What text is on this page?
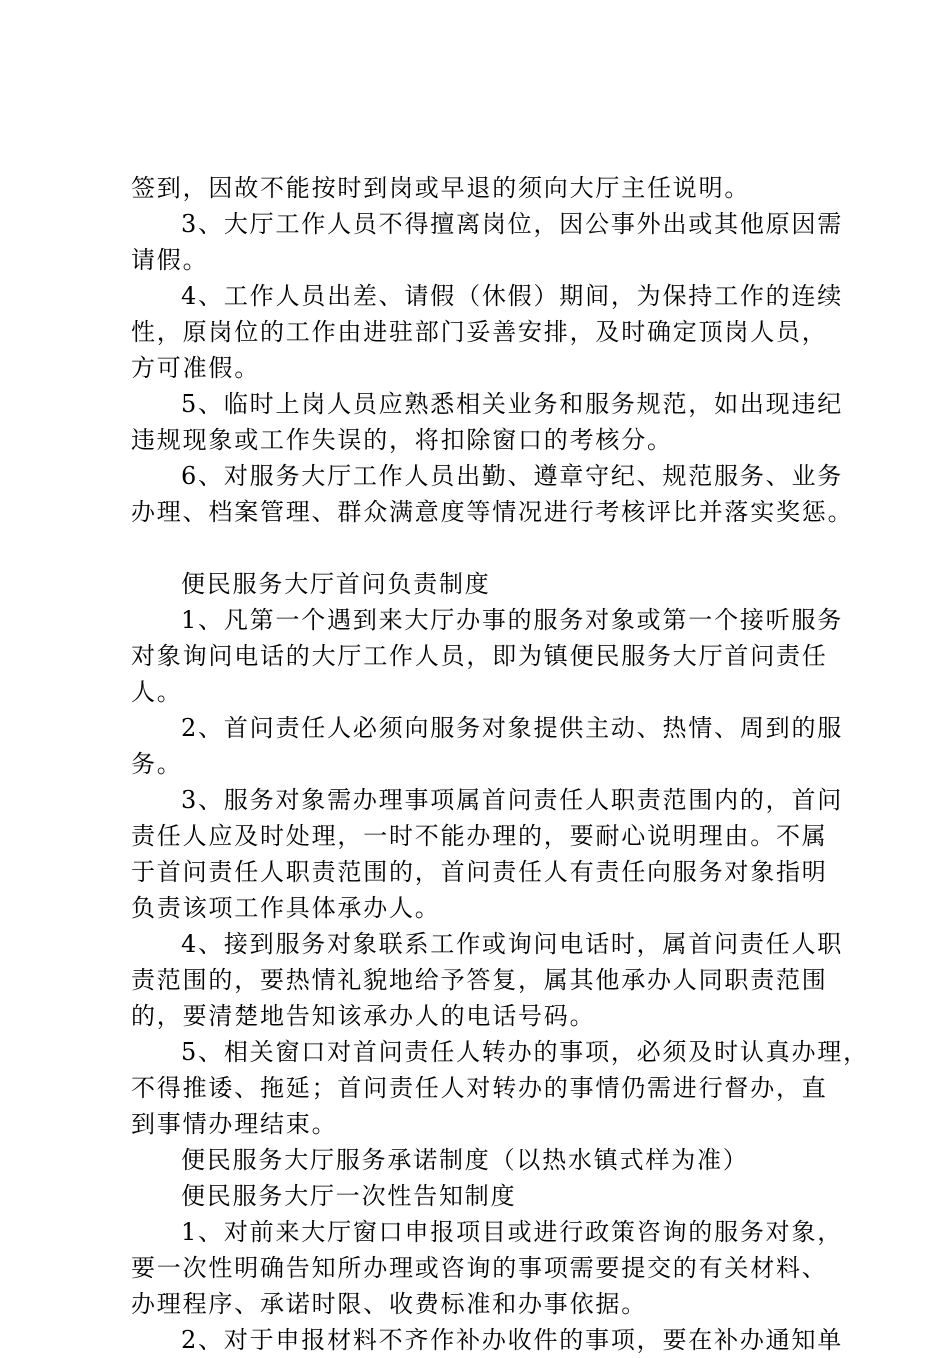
签到，因故不能按时到岗或早退的须向大厅主任说明。
3、大厅工作人员不得擅离岗位，因公事外出或其他原因需
请假。
4、工作人员出差、请假（休假）期间，为保持工作的连续
性，原岗位的工作由进驻部门妥善安排，及时确定顶岗人员，
方可准假。
5、临时上岗人员应熟悉相关业务和服务规范，如出现违纪
违规现象或工作失误的，将扣除窗口的考核分。
6、对服务大厅工作人员出勤、遵章守纪、规范服务、业务
办理、档案管理、群众满意度等情况进行考核评比并落实奖惩。
便民服务大厅首问负责制度
1、凡第一个遇到来大厅办事的服务对象或第一个接听服务
对象询问电话的大厅工作人员，即为镇便民服务大厅首问责任
人。
2、首问责任人必须向服务对象提供主动、热情、周到的服
务。
3、服务对象需办理事项属首问责任人职责范围内的，首问
责任人应及时处理，一时不能办理的，要耐心说明理由。不属
于首问责任人职责范围的，首问责任人有责任向服务对象指明
负责该项工作具体承办人。
4、接到服务对象联系工作或询问电话时，属首问责任人职
责范围的，要热情礼貌地给予答复，属其他承办人同职责范围
的，要清楚地告知该承办人的电话号码。
5、相关窗口对首问责任人转办的事项，必须及时认真办理，
不得推诿、拖延；首问责任人对转办的事情仍需进行督办，直
到事情办理结束。
便民服务大厅服务承诺制度（以热水镇式样为准）
便民服务大厅一次性告知制度
1、对前来大厅窗口申报项目或进行政策咨询的服务对象，
要一次性明确告知所办理或咨询的事项需要提交的有关材料、
办理程序、承诺时限、收费标准和办事依据。
2、对于申报材料不齐作补办收件的事项，要在补办通知单
